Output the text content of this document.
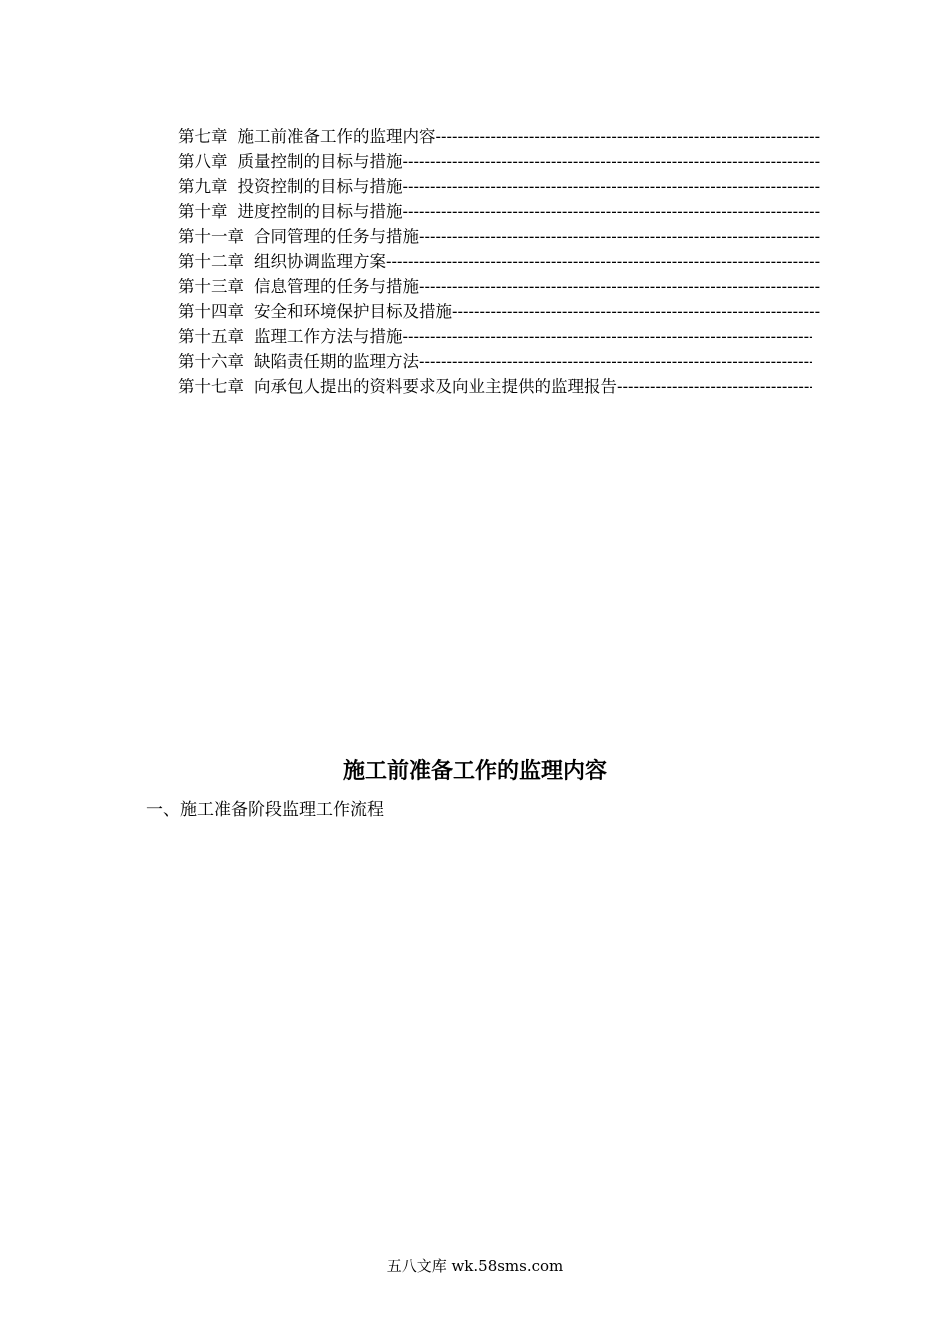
第七章 施工前准备工作的监理内容
-----
第八章 质量控制的目标与措施
-----
第九章 投资控制的目标与措施
-----
第十章 进度控制的目标与措施
-----
第十一章 合同管理的任务与措施
-----
第十二章 组织协调监理方案
-----
第十三章 信息管理的任务与措施
-----
第十四章 安全和环境保护目标及措施
-----
第十五章 监理工作方法与措施
-----
第十六章 缺陷责任期的监理方法
-----
第十七章 向承包人提出的资料要求及向业主提供的监理报告
-----
施工前准备工作的监理内容
一、施工准备阶段监理工作流程
五八文库 wk.58sms.com
